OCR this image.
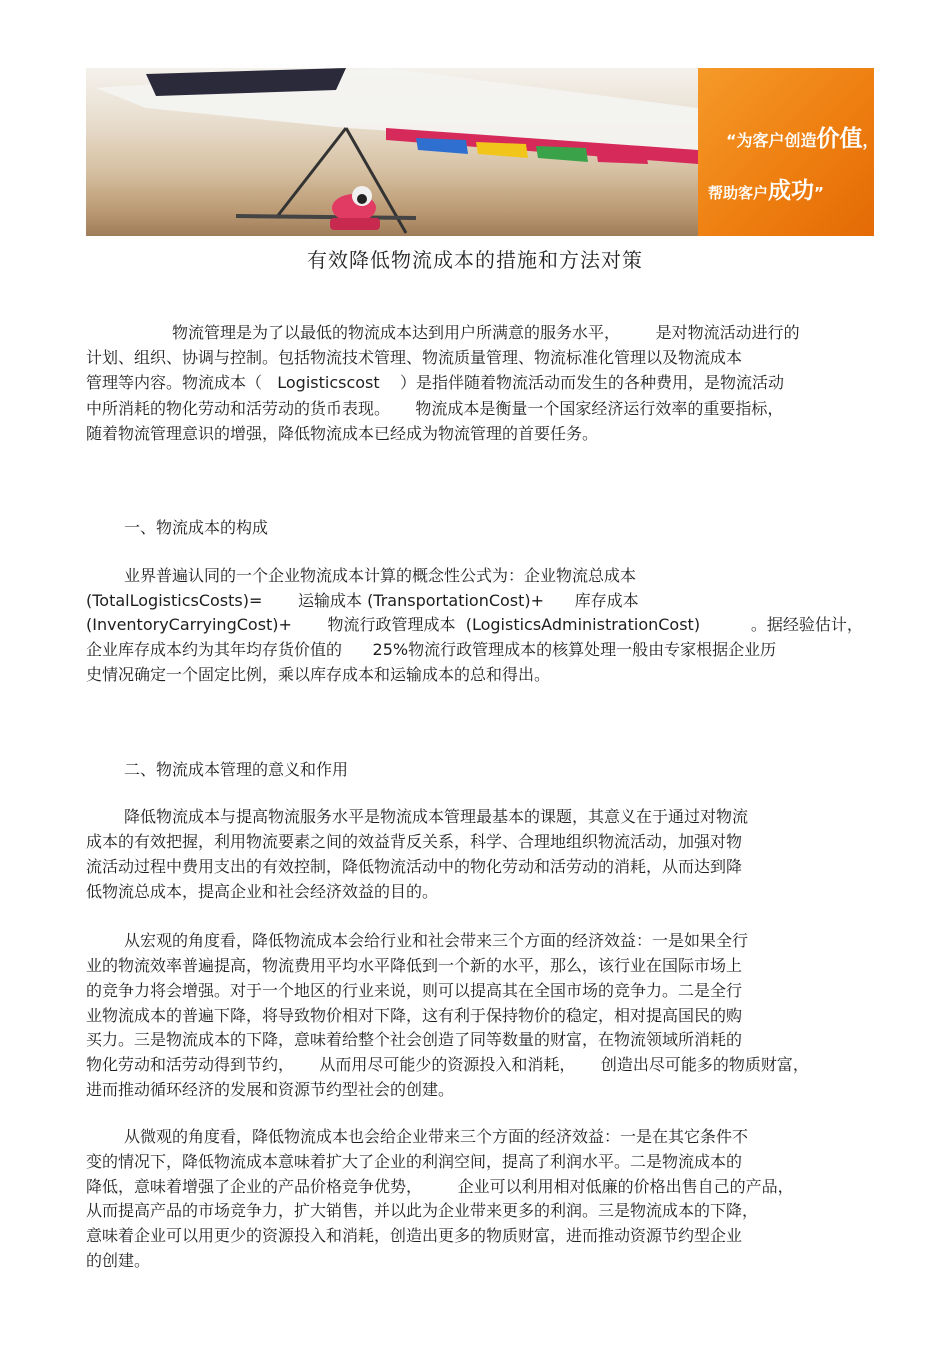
“为客户创造价值，
帮助客户成功”
有效降低物流成本的措施和方法对策
物流管理是为了以最低的物流成本达到用户所满意的服务水平，       是对物流活动进行的
计划、组织、协调与控制。包括物流技术管理、物流质量管理、物流标准化管理以及物流成本
管理等内容。物流成本（   Logisticscost    ）是指伴随着物流活动而发生的各种费用，是物流活动
中所消耗的物化劳动和活劳动的货币表现。     物流成本是衡量一个国家经济运行效率的重要指标，
随着物流管理意识的增强，降低物流成本已经成为物流管理的首要任务。
一、物流成本的构成
业界普遍认同的一个企业物流成本计算的概念性公式为：企业物流总成本
(TotalLogisticsCosts)=       运输成本 (TransportationCost)+      库存成本
(InventoryCarryingCost)+       物流行政管理成本  (LogisticsAdministrationCost)          。据经验估计，
企业库存成本约为其年均存货价值的      25%物流行政管理成本的核算处理一般由专家根据企业历
史情况确定一个固定比例，乘以库存成本和运输成本的总和得出。
二、物流成本管理的意义和作用
降低物流成本与提高物流服务水平是物流成本管理最基本的课题，其意义在于通过对物流
成本的有效把握，利用物流要素之间的效益背反关系，科学、合理地组织物流活动，加强对物
流活动过程中费用支出的有效控制，降低物流活动中的物化劳动和活劳动的消耗，从而达到降
低物流总成本，提高企业和社会经济效益的目的。
从宏观的角度看，降低物流成本会给行业和社会带来三个方面的经济效益：一是如果全行
业的物流效率普遍提高，物流费用平均水平降低到一个新的水平，那么，该行业在国际市场上
的竞争力将会增强。对于一个地区的行业来说，则可以提高其在全国市场的竞争力。二是全行
业物流成本的普遍下降，将导致物价相对下降，这有利于保持物价的稳定，相对提高国民的购
买力。三是物流成本的下降，意味着给整个社会创造了同等数量的财富，在物流领域所消耗的
物化劳动和活劳动得到节约，     从而用尽可能少的资源投入和消耗，     创造出尽可能多的物质财富，
进而推动循环经济的发展和资源节约型社会的创建。
从微观的角度看，降低物流成本也会给企业带来三个方面的经济效益：一是在其它条件不
变的情况下，降低物流成本意味着扩大了企业的利润空间，提高了利润水平。二是物流成本的
降低，意味着增强了企业的产品价格竞争优势，       企业可以利用相对低廉的价格出售自己的产品，
从而提高产品的市场竞争力，扩大销售，并以此为企业带来更多的利润。三是物流成本的下降，
意味着企业可以用更少的资源投入和消耗，创造出更多的物质财富，进而推动资源节约型企业
的创建。
